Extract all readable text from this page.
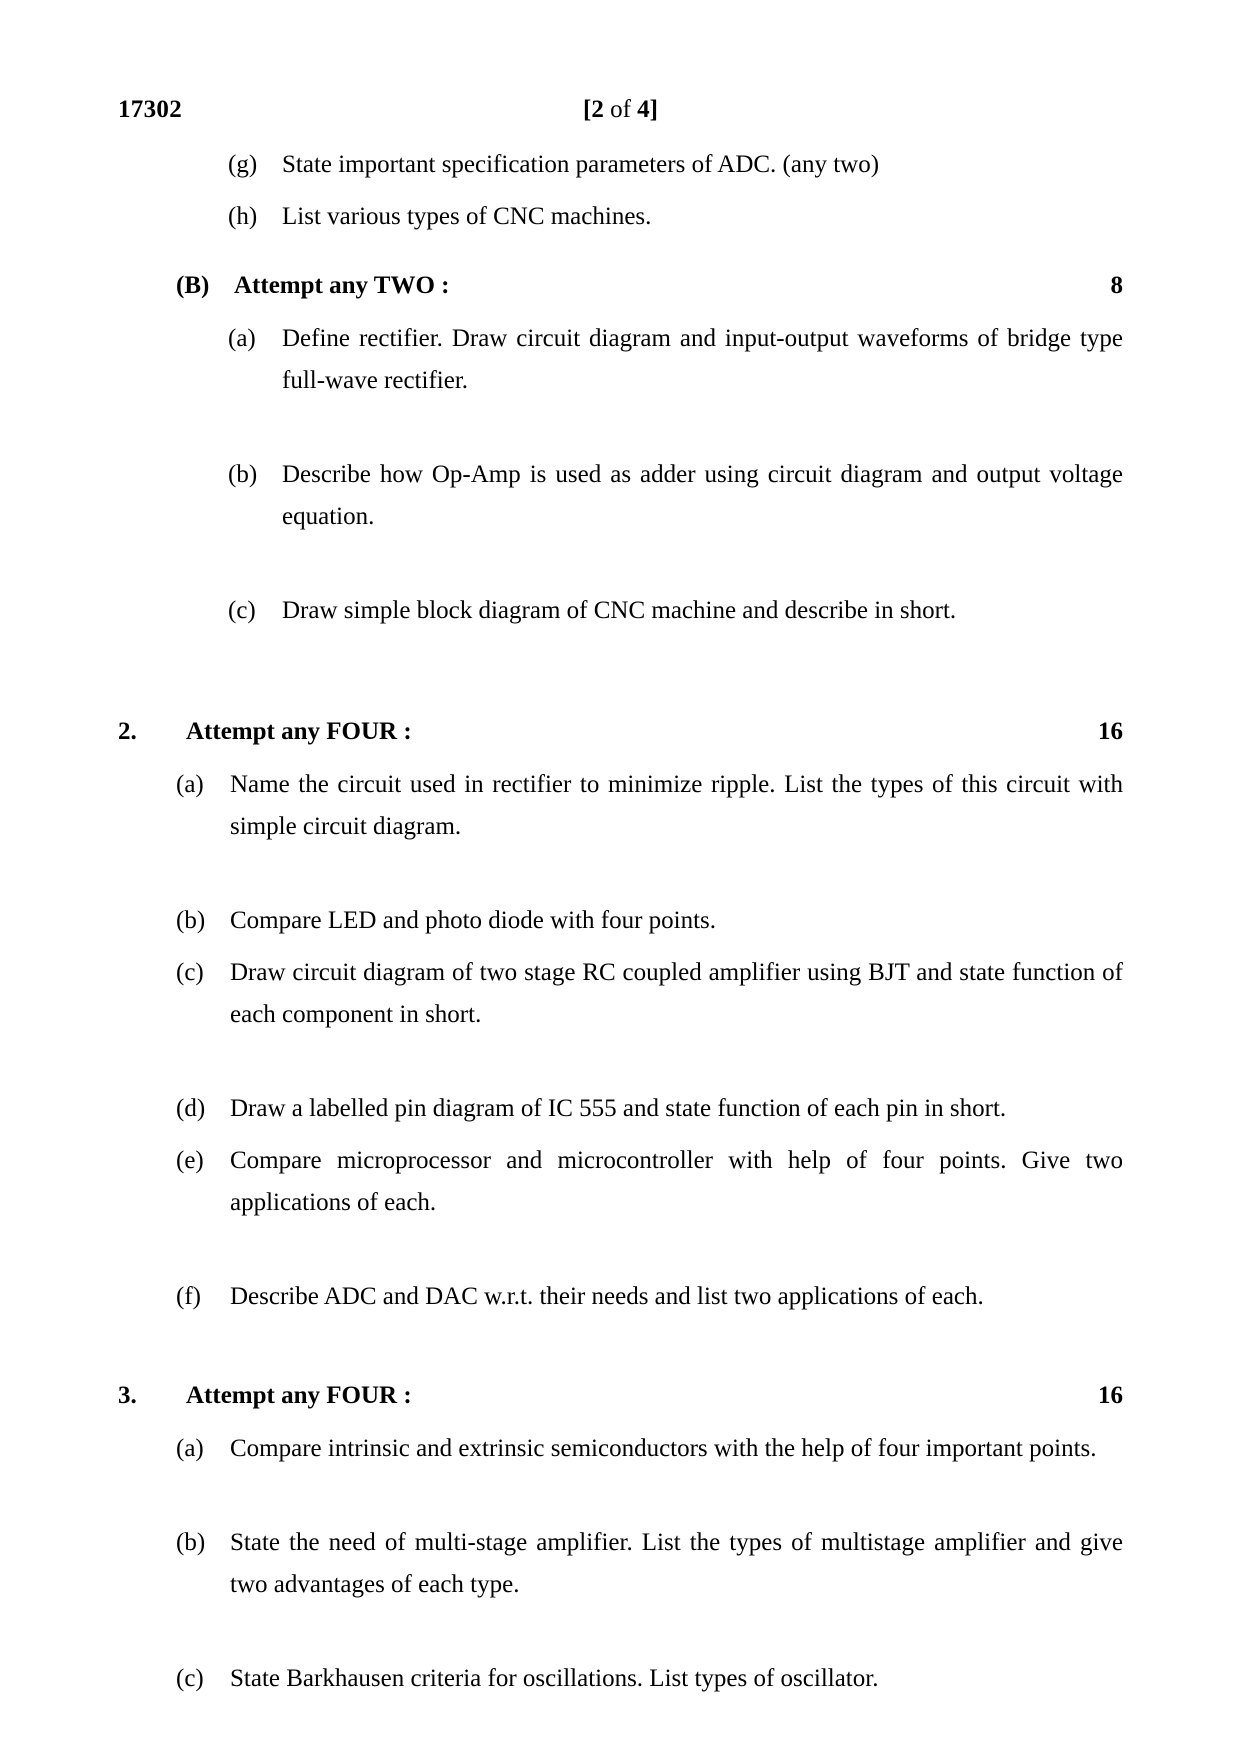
17302	[2 of 4]
(g) State important specification parameters of ADC. (any two)
(h) List various types of CNC machines.
(B) Attempt any TWO :	8
(a) Define rectifier. Draw circuit diagram and input-output waveforms of bridge type full-wave rectifier.
(b) Describe how Op-Amp is used as adder using circuit diagram and output voltage equation.
(c) Draw simple block diagram of CNC machine and describe in short.
2.	Attempt any FOUR :	16
(a) Name the circuit used in rectifier to minimize ripple. List the types of this circuit with simple circuit diagram.
(b) Compare LED and photo diode with four points.
(c) Draw circuit diagram of two stage RC coupled amplifier using BJT and state function of each component in short.
(d) Draw a labelled pin diagram of IC 555 and state function of each pin in short.
(e) Compare microprocessor and microcontroller with help of four points. Give two applications of each.
(f) Describe ADC and DAC w.r.t. their needs and list two applications of each.
3.	Attempt any FOUR :	16
(a) Compare intrinsic and extrinsic semiconductors with the help of four important points.
(b) State the need of multi-stage amplifier. List the types of multistage amplifier and give two advantages of each type.
(c) State Barkhausen criteria for oscillations. List types of oscillator.
